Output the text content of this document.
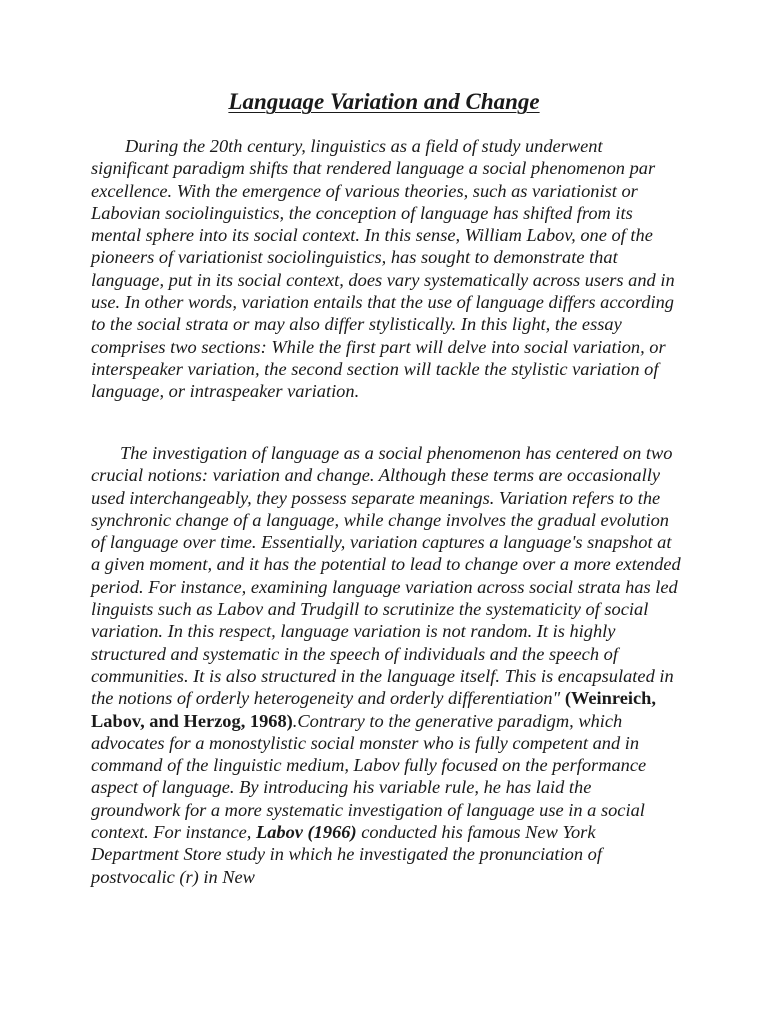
Language Variation and Change

During the 20th century, linguistics as a field of study underwent significant paradigm shifts that rendered language a social phenomenon par excellence. With the emergence of various theories, such as variationist or Labovian sociolinguistics, the conception of language has shifted from its mental sphere into its social context. In this sense, William Labov, one of the pioneers of variationist sociolinguistics, has sought to demonstrate that language, put in its social context, does vary systematically across users and in use. In other words, variation entails that the use of language differs according to the social strata or may also differ stylistically. In this light, the essay comprises two sections: While the first part will delve into social variation, or interspeaker variation, the second section will tackle the stylistic variation of language, or intraspeaker variation.

The investigation of language as a social phenomenon has centered on two crucial notions: variation and change. Although these terms are occasionally used interchangeably, they possess separate meanings. Variation refers to the synchronic change of a language, while change involves the gradual evolution of language over time. Essentially, variation captures a language's snapshot at a given moment, and it has the potential to lead to change over a more extended period. For instance, examining language variation across social strata has led linguists such as Labov and Trudgill to scrutinize the systematicity of social variation. In this respect, language variation is not random. It is highly structured and systematic in the speech of individuals and the speech of communities. It is also structured in the language itself. This is encapsulated in the notions of orderly heterogeneity and orderly differentiation" (Weinreich, Labov, and Herzog, 1968).Contrary to the generative paradigm, which advocates for a monostylistic social monster who is fully competent and in command of the linguistic medium, Labov fully focused on the performance aspect of language. By introducing his variable rule, he has laid the groundwork for a more systematic investigation of language use in a social context. For instance, Labov (1966) conducted his famous New York Department Store study in which he investigated the pronunciation of postvocalic (r) in New
